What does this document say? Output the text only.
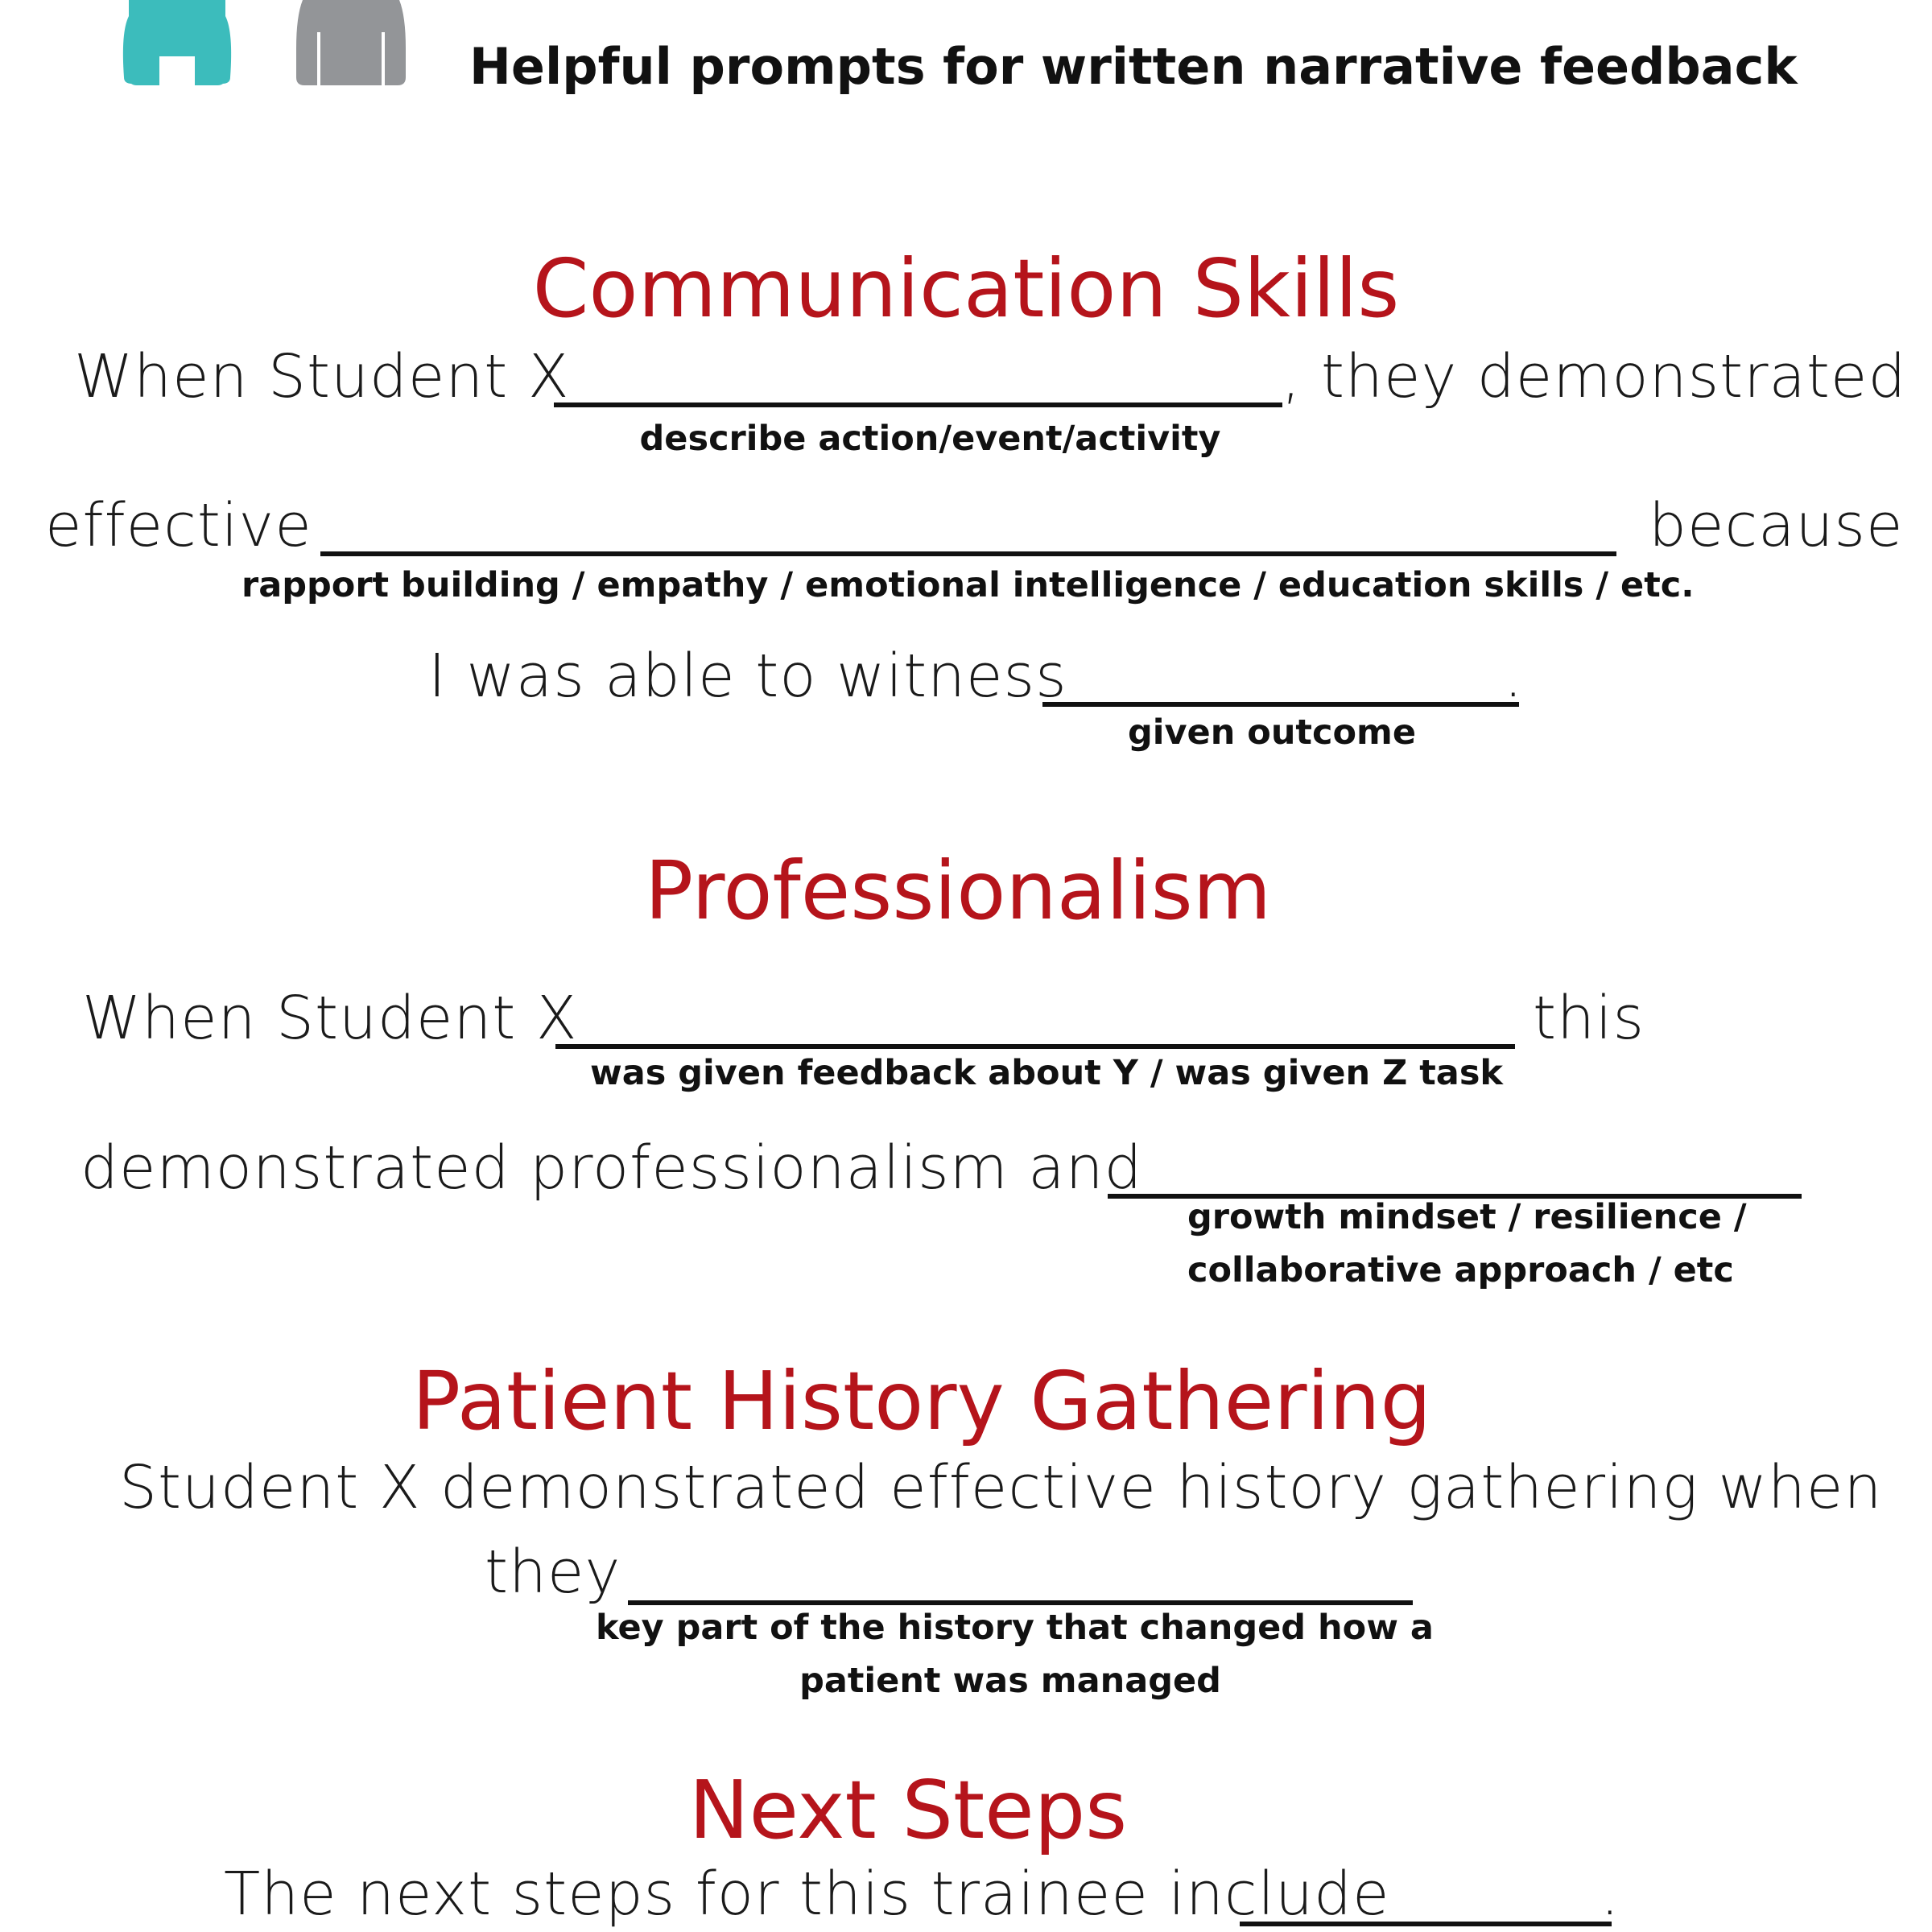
Helpful prompts for written narrative feedback
Communication Skills
When Student X	, they demonstrated
describe action/event/activity
effective	because
rapport building / empathy / emotional intelligence / education skills / etc.
I was able to witness	.
given outcome
Professionalism
When Student X	this
was given feedback about Y / was given Z task
demonstrated professionalism and
growth mindset / resilience /
collaborative approach / etc
Patient History Gathering
Student X demonstrated effective history gathering when
they
key part of the history that changed how a
patient was managed
Next Steps
The next steps for this trainee include	.
